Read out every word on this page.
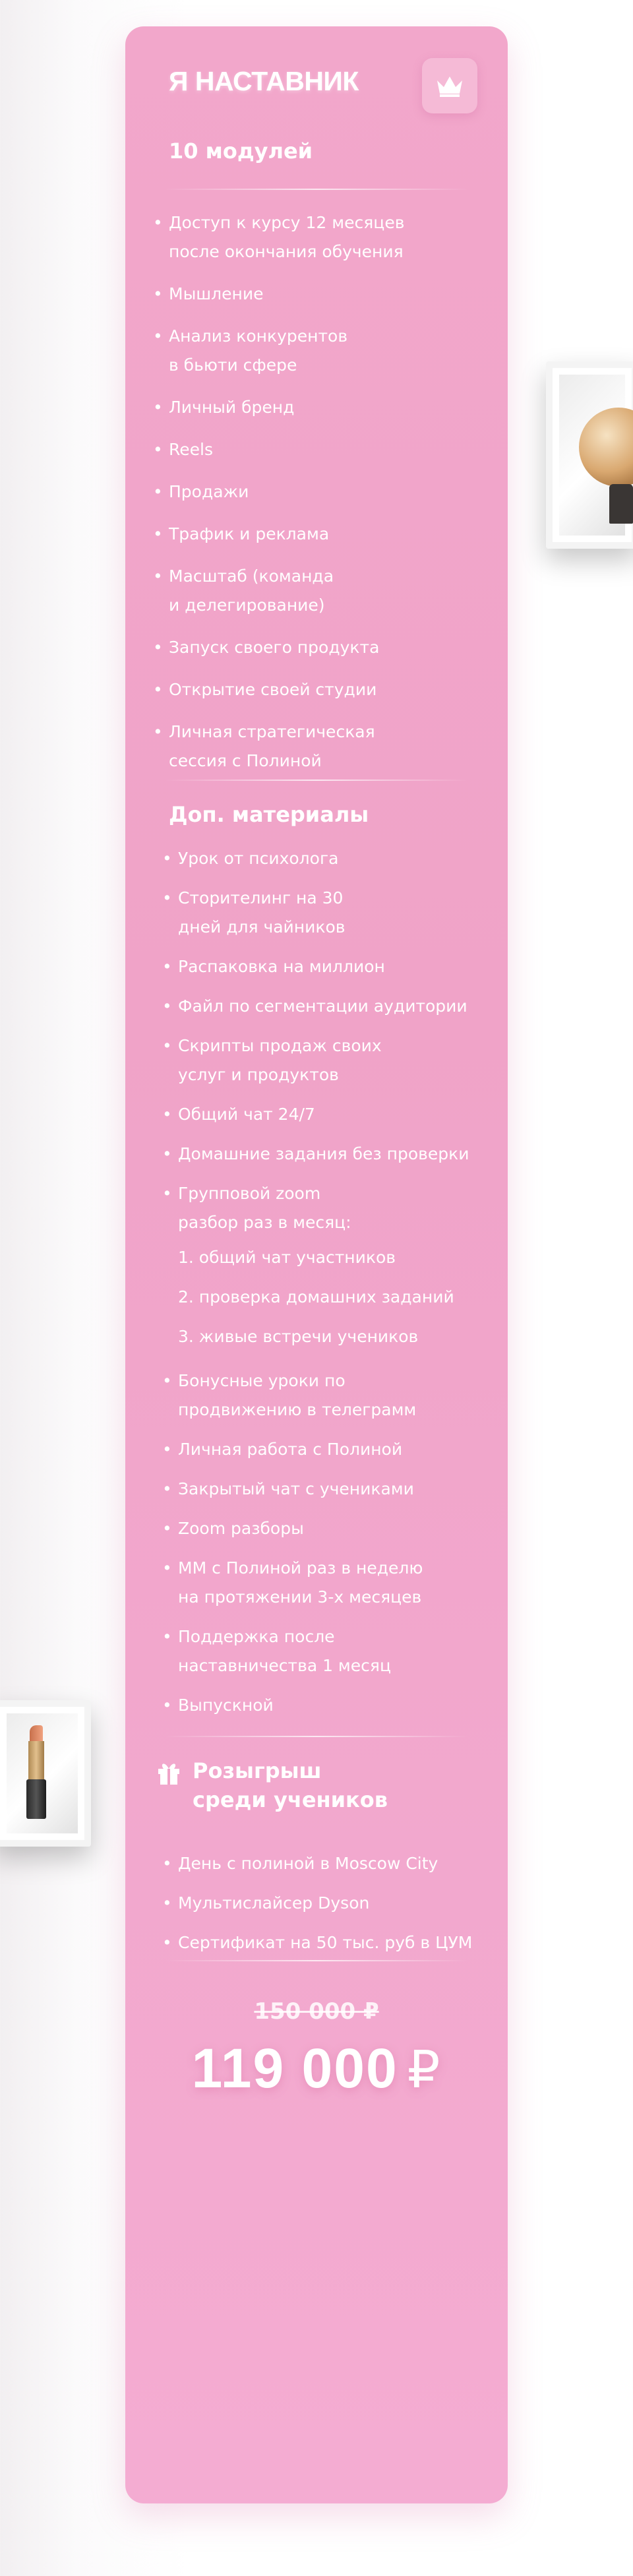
Я НАСТАВНИК
10 модулей
• Доступ к курсу 12 месяцев
после окончания обучения
• Мышление
• Анализ конкурентов
в бьюти сфере
• Личный бренд
• Reels
• Продажи
• Трафик и реклама
• Масштаб (команда
и делегирование)
• Запуск своего продукта
• Открытие своей студии
• Личная стратегическая
сессия с Полиной
Доп. материалы
• Урок от психолога
• Сторителинг на 30
дней для чайников
• Распаковка на миллион
• Файл по сегментации аудитории
• Скрипты продаж своих
услуг и продуктов
• Общий чат 24/7
• Домашние задания без проверки
• Групповой zoom
разбор раз в месяц:
1. общий чат участников
2. проверка домашних заданий
3. живые встречи учеников
• Бонусные уроки по
продвижению в телеграмм
• Личная работа с Полиной
• Закрытый чат с учениками
• Zoom разборы
• ММ с Полиной раз в неделю
на протяжении 3-х месяцев
• Поддержка после
наставничества 1 месяц
• Выпускной
Розыгрыш
среди учеников
• День с полиной в Moscow City
• Мультислайсер Dyson
• Сертификат на 50 тыс. руб в ЦУМ
150 000 ₽
119 000 ₽
